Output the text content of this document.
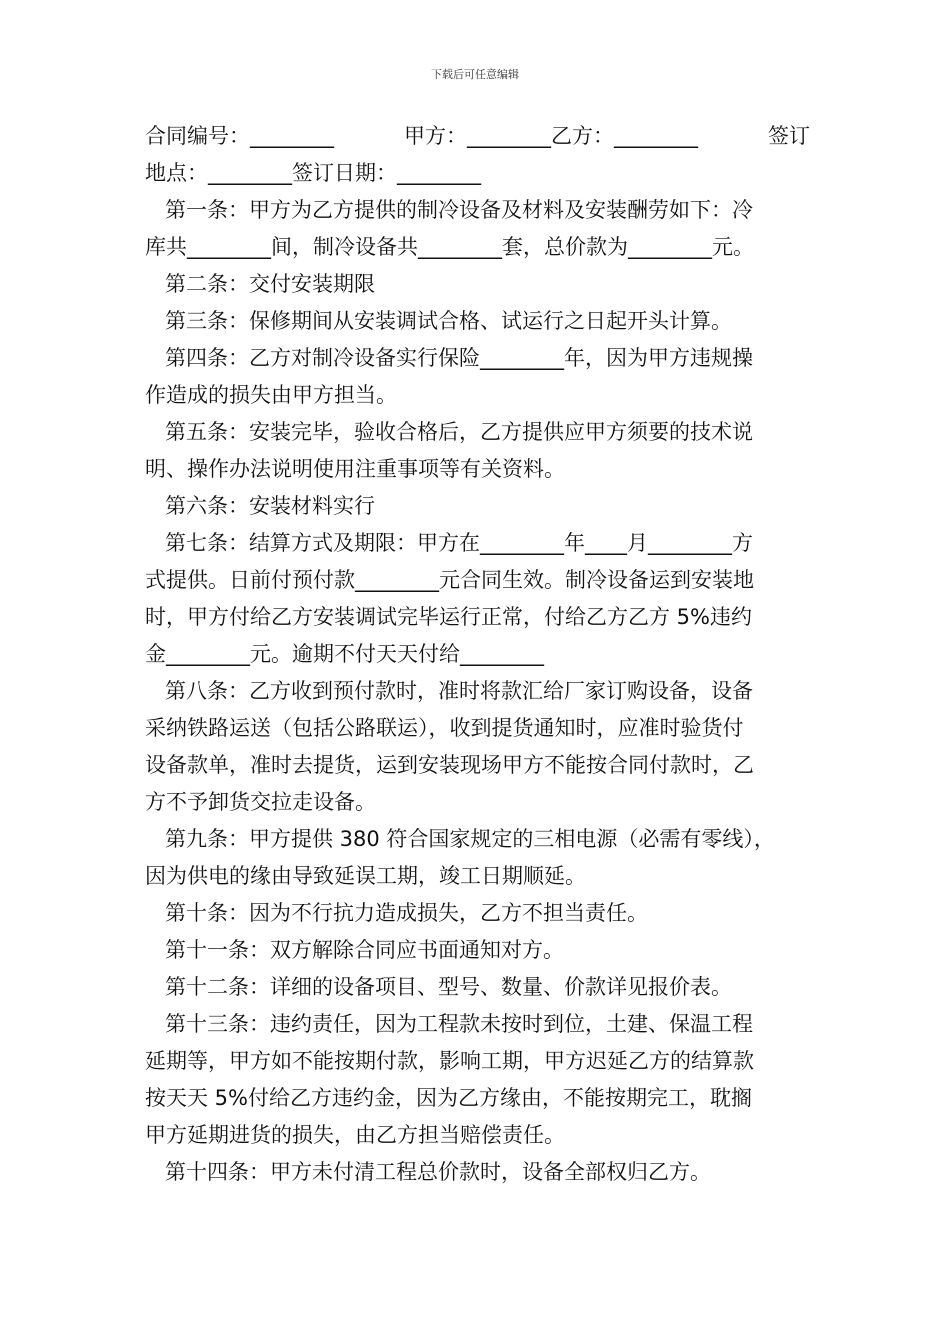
下载后可任意编辑
合同编号：________	甲方：________乙方：________	签订
地点：________签订日期：________
第一条：甲方为乙方提供的制冷设备及材料及安装酬劳如下：冷
库共________间，制冷设备共________套，总价款为________元。
第二条：交付安装期限
第三条：保修期间从安装调试合格、试运行之日起开头计算。
第四条：乙方对制冷设备实行保险________年，因为甲方违规操
作造成的损失由甲方担当。
第五条：安装完毕，验收合格后，乙方提供应甲方须要的技术说
明、操作办法说明使用注重事项等有关资料。
第六条：安装材料实行
第七条：结算方式及期限：甲方在________年____月________方
式提供。日前付预付款________元合同生效。制冷设备运到安装地
时，甲方付给乙方安装调试完毕运行正常，付给乙方乙方 5%违约
金________元。逾期不付天天付给________
第八条：乙方收到预付款时，准时将款汇给厂家订购设备，设备
采纳铁路运送（包括公路联运），收到提货通知时，应准时验货付
设备款单，准时去提货，运到安装现场甲方不能按合同付款时，乙
方不予卸货交拉走设备。
第九条：甲方提供 380 符合国家规定的三相电源（必需有零线），
因为供电的缘由导致延误工期，竣工日期顺延。
第十条：因为不行抗力造成损失，乙方不担当责任。
第十一条：双方解除合同应书面通知对方。
第十二条：详细的设备项目、型号、数量、价款详见报价表。
第十三条：违约责任，因为工程款未按时到位，土建、保温工程
延期等，甲方如不能按期付款，影响工期，甲方迟延乙方的结算款
按天天 5%付给乙方违约金，因为乙方缘由，不能按期完工，耽搁
甲方延期进货的损失，由乙方担当赔偿责任。
第十四条：甲方未付清工程总价款时，设备全部权归乙方。
